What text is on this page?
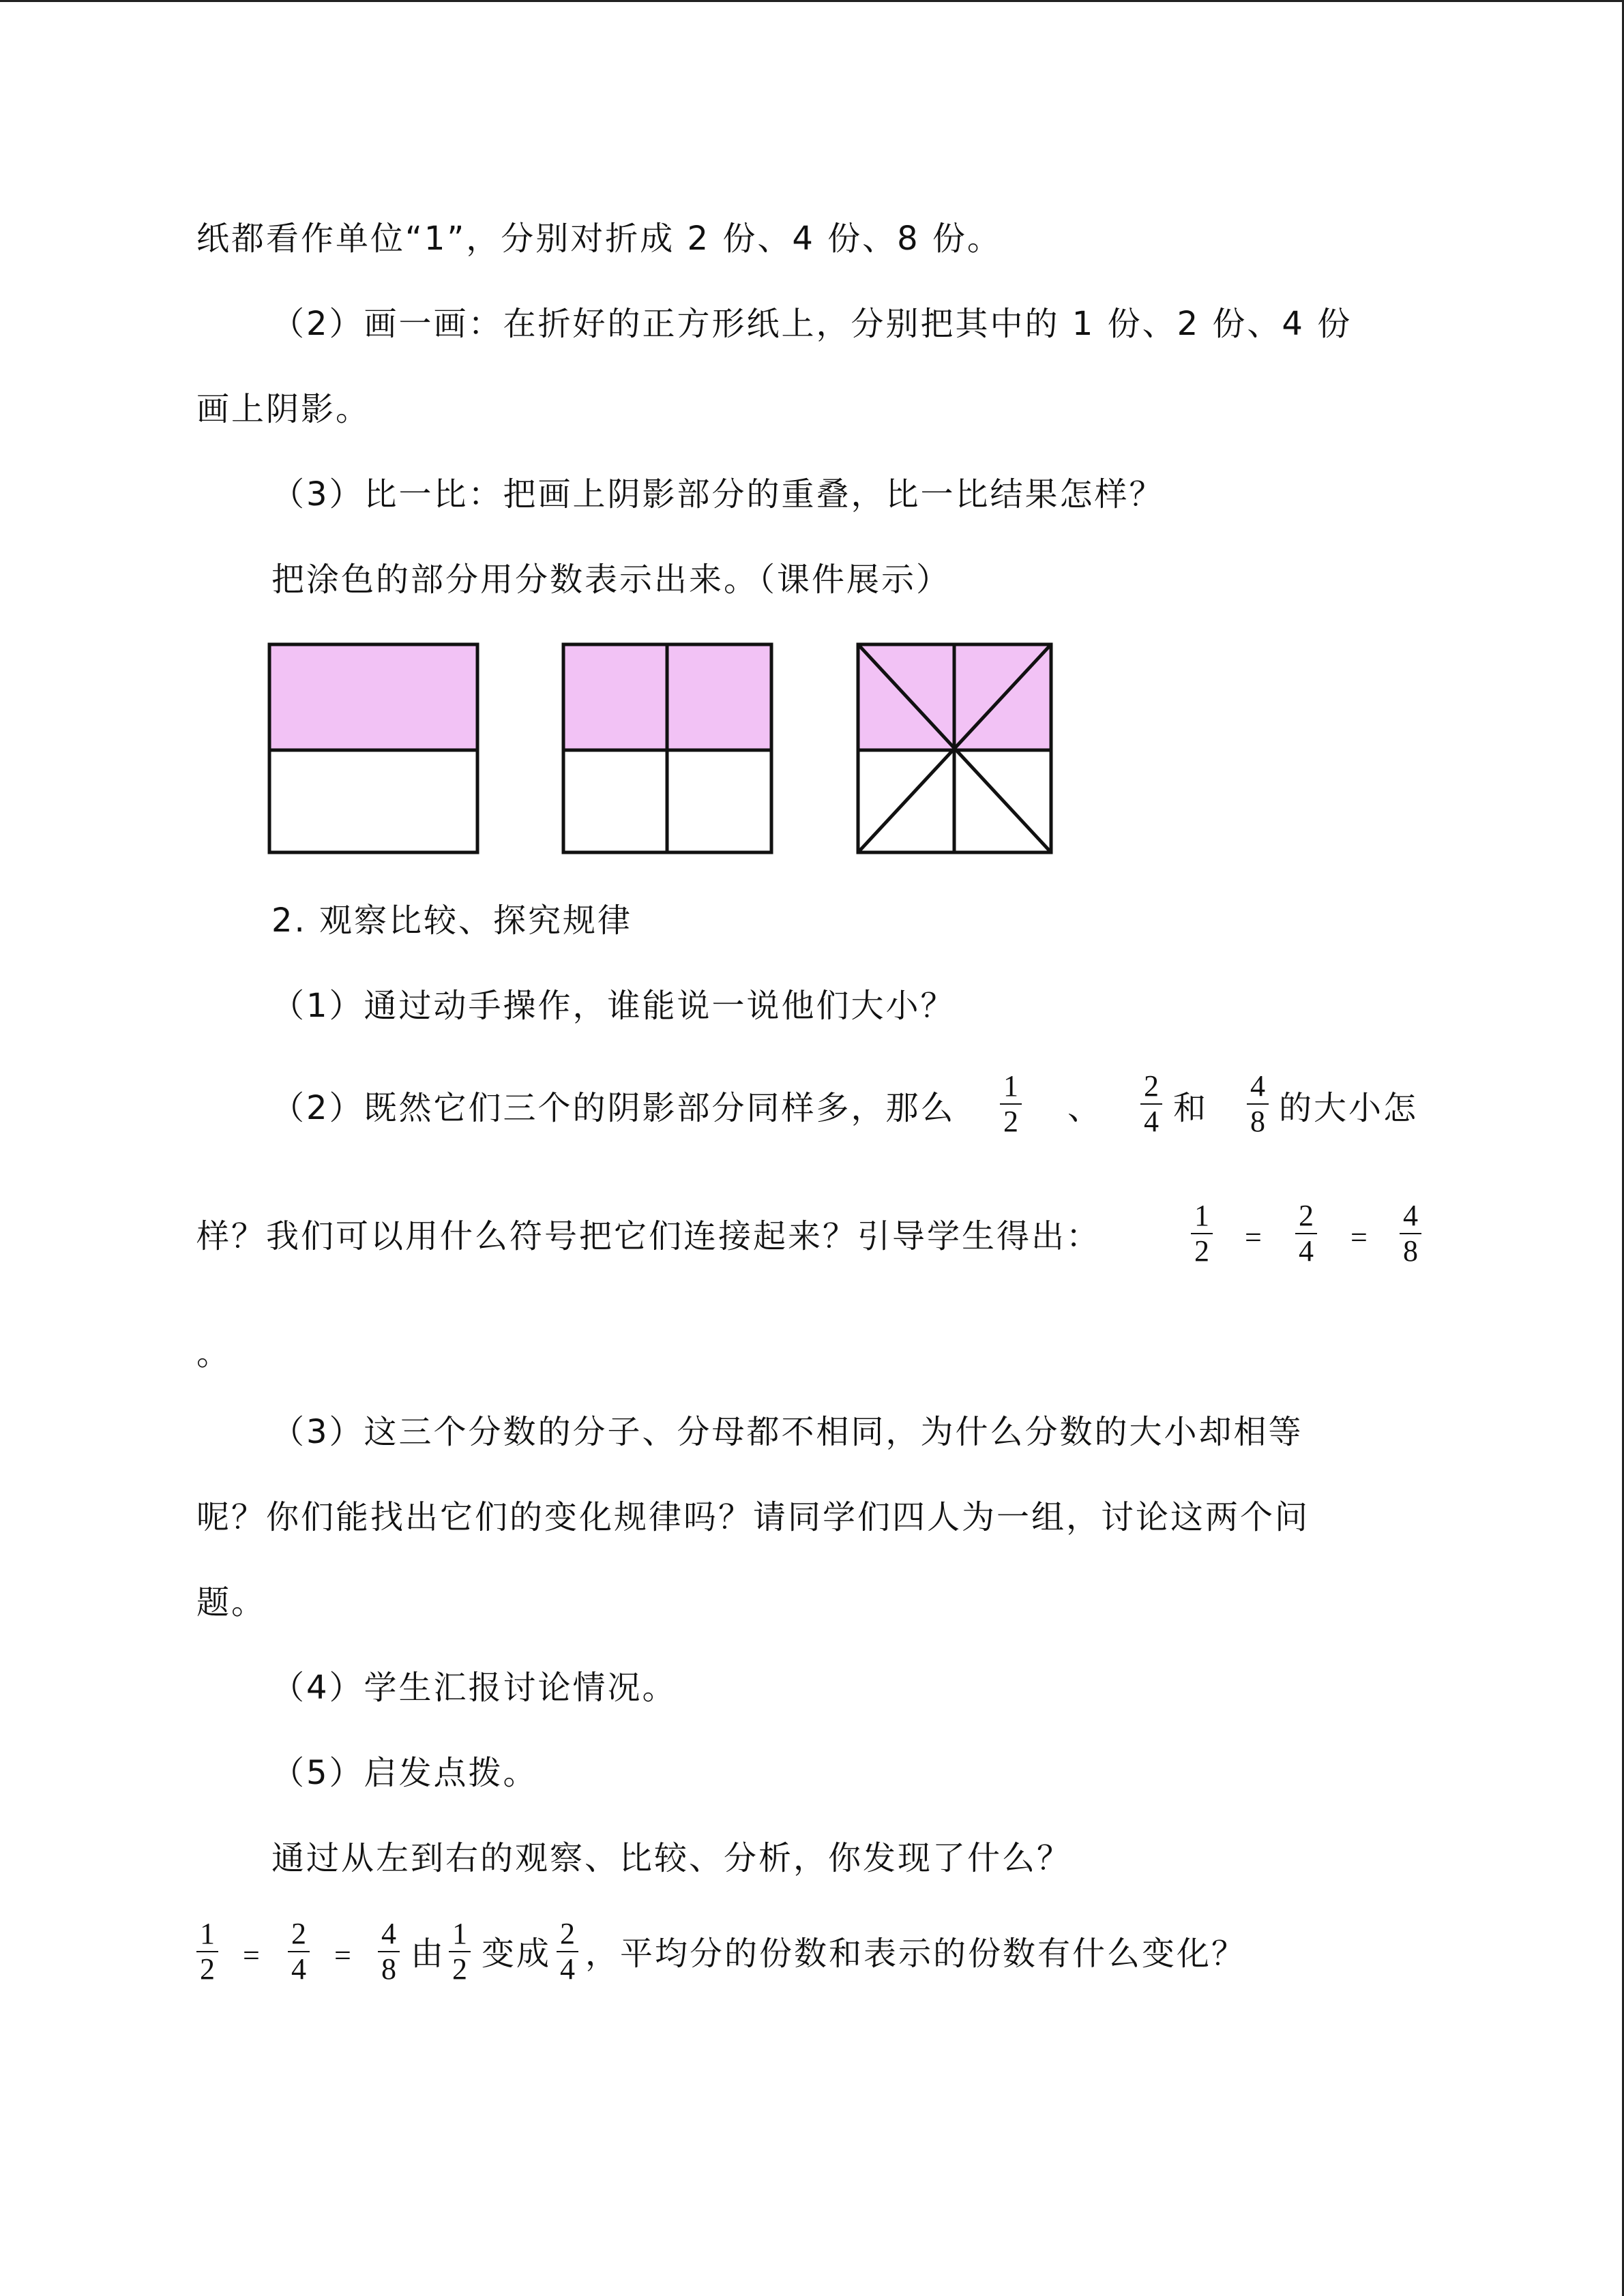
纸都看作单位“1”，分别对折成 2 份、4 份、8 份。
（2）画一画：在折好的正方形纸上，分别把其中的 1 份、2 份、4 份
画上阴影。
（3）比一比：把画上阴影部分的重叠，比一比结果怎样？
把涂色的部分用分数表示出来。（课件展示）
2. 观察比较、探究规律
（1）通过动手操作，谁能说一说他们大小？
（2）既然它们三个的阴影部分同样多，那么
1
2 、
2
4 和
4
8 的大小怎
样？我们可以用什么符号把它们连接起来？引导学生得出：
1
2 =
2
4 =
4
8
。
（3）这三个分数的分子、分母都不相同，为什么分数的大小却相等
呢？你们能找出它们的变化规律吗？请同学们四人为一组，讨论这两个问
题。
（4）学生汇报讨论情况。
（5）启发点拨。
通过从左到右的观察、比较、分析，你发现了什么？
1
2 =
2
4 =
4
8 由
1
2 变成
2
4 ，平均分的份数和表示的份数有什么变化？
